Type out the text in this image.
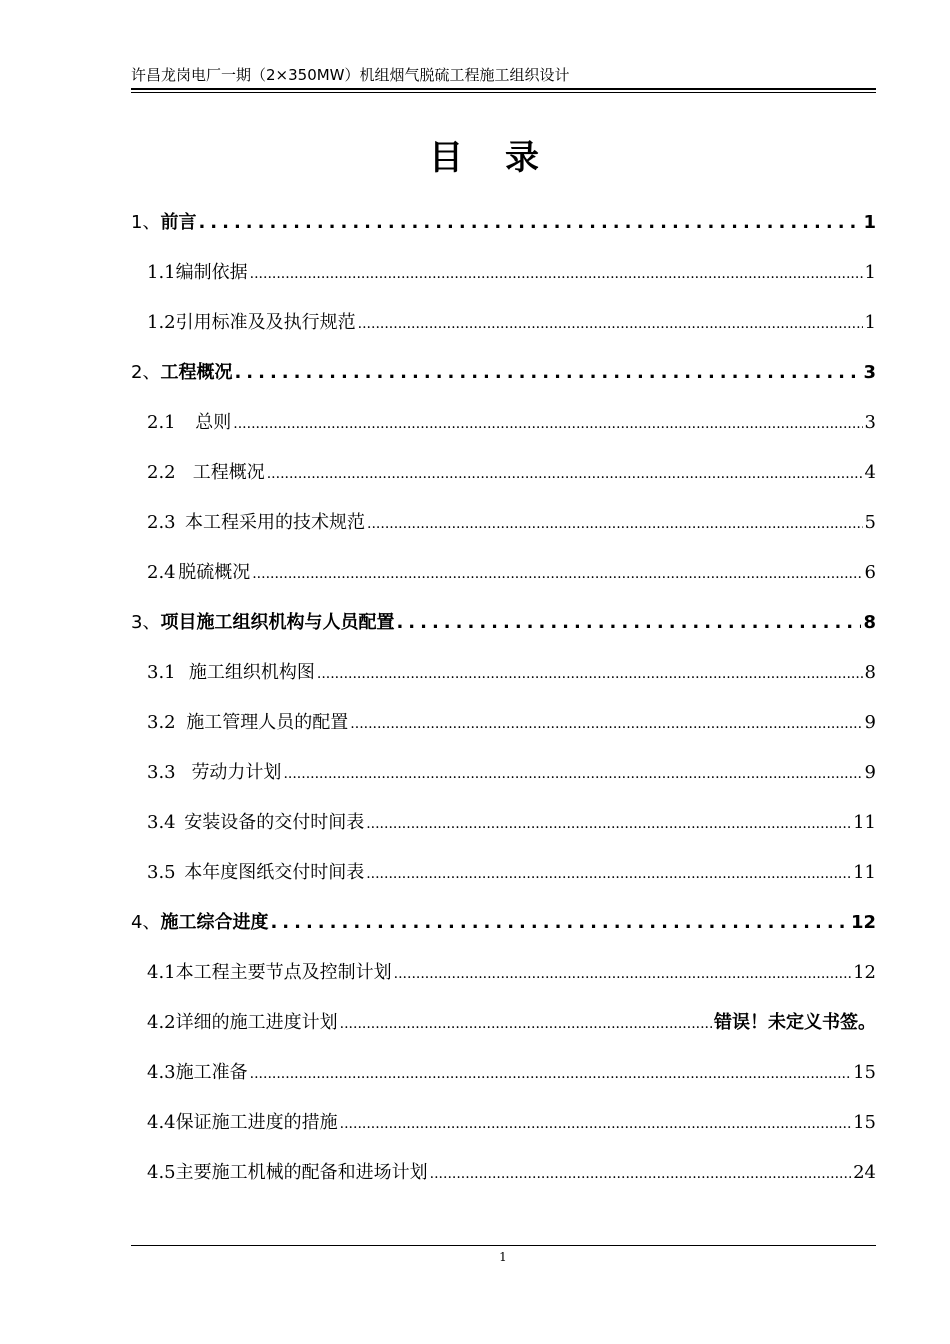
许昌龙岗电厂一期（2×350MW）机组烟气脱硫工程施工组织设计
目录
1、 前言 .....	1
1.1 编制依据 .....	1
1.2 引用标准及及执行规范 .....	1
2、 工程概况 .....	3
2.1	总则 .....	3
2.2 工程概况 .....	4
2.3 本工程采用的技术规范 .....	5
2.4 脱硫概况 .....	6
3、 项目施工组织机构与人员配置 .....	8
3.1 施工组织机构图 .....	8
3.2 施工管理人员的配置 .....	9
3.3 劳动力计划 .....	9
3.4 安装设备的交付时间表 .....	11
3.5 本年度图纸交付时间表 .....	11
4、 施工综合进度 .....	12
4.1 本工程主要节点及控制计划 .....	12
4.2 详细的施工进度计划 .....	错误！未定义书签。
4.3 施工准备 .....	15
4.4 保证施工进度的措施 .....	15
4.5 主要施工机械的配备和进场计划 .....	24
1
